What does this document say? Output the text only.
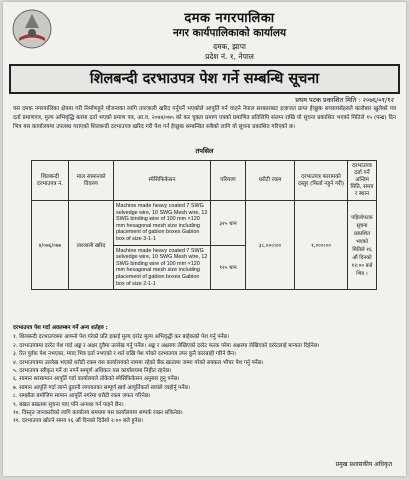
दमक नगरपालिका
नगर कार्यपालिकाको कार्यालय
दमक, झापा
प्रदेश नं. १, नेपाल
शिलबन्दी दरभाउपत्र पेश गर्ने सम्बन्धि सूचना
प्रथम पटक प्रकाशित मिति : २०७६/०१/१२
यस दमक नगरपालिका क्षेत्रमा गरी निर्माणहुने योजनाका लागि तारजाली खरिद गर्नुपर्ने भएकोले आपूर्ति गर्न चाहने नेपाल सरकारबाट इजाजत प्राप्त ईच्छुक सप्लायर्सहरुले कारोबार खुलेको पत्र दर्ता प्रमाणपत्र, मुल्य अभिवृद्धि करमा दर्ता भएको प्रमाण पत्र, आ.व. २०७४/०७५ को कर चुक्ता प्रमाण पत्रको प्रमाणित प्रतिलिपि संलग्न राखि यो सूचना प्रकाशित भएको मितिले १५ (पन्ध्र) दिन भित्र यस कार्यालयमा उपलब्ध गराएको शिलबन्दी दरभाउपत्र खरिद गरी पेश गर्न ईच्छुक सम्बन्धित सबैको लागि यो सूचना प्रकाशित गरिएको छ।
तपसिल
शिलबन्दी दरभाउपत्र नं.	माल सामानको विवरण	स्पेसिफिकेसन	परिमाण	धरौटी रकम	दरभाउपत्र फारामको दस्तुर (फिर्ता नहुने गरी)	दरभाउपत्र दर्ता गर्ने अन्तिम मिति, समय र स्थान
४/०७६/०७७	तारजाली खरिद	Machine made heavy coated 7 SWG selvedge wire, 10 SWG Mesh wire, 12 SWG binding wire of 100 mm ×120 mm hexagonal mesh size including placement of gabion boxes Gabion box of size 3-1-1	३२५ थान	३८,०००।००	१,०००।००	पहिलोपटक सूचना प्रकाशित भएको मितिले १६ औं दिनको १२:०० बजे भित्र ।
		Machine made heavy coated 7 SWG selvedge wire, 10 SWG Mesh wire, 12 SWG binding wire of 100 mm ×120 mm hexagonal mesh size including placement of gabion boxes Gabion box of size 2-1-1	१२५ थान			
दरभाउपत्र पेश गर्दा अवलम्बन गर्ने अन्य शर्तहरु :

१. शिलबन्दी दरभाउपत्रमा आफ्नो पेश गरेको प्रति इकाई मुल्य दररेट मुल्य अभिवृद्धी कर बाहेकको पेश गर्नु पर्नेछ।

२. दरभाउपत्रमा दररेट पेश गर्दा अङ्क र अक्षर दुवैमा उल्लेख गर्नु पर्नेछ। अङ्क र अक्षरमा लेखिएको दररेट फरक परेमा अक्षरमा लेखिएको दररेटलाई मान्यता दिईनेछ।

३. रित पुर्वक पेश नभएका, म्याद भित्र दर्ता नभएको र शर्त राखि पेश गरेको दरभाउपत्र उपर कुनै कारबाही गरिने छैन।

४. दरभाउपत्रमा उल्लेख भएको धरौटी रकम यस कार्यालयको नाममा रहेको बैंक खातामा जम्मा गरेको सक्कल भौचर पेश गर्नु पर्नेछ।

५. दरभाउपत्र स्वीकृत गर्ने वा नगर्ने सम्पूर्ण अधिकार यस कार्यालयमा निहीत रहनेछ।

६. सामान सरसामान आपूर्ति गर्दा कार्यालयले तोकेको स्पेसिफिकेसन अनुसार हुनु पर्नेछ।

७. सामान आपूर्ति गर्दा लाग्ने ढुवानी लगायतका सम्पूर्ण खर्च आपूर्तिकर्ता स्वयंले व्यहोर्नु पर्नेछ।

८. सम्झौता बमोजिम सामान आपूर्ति नगरेमा धरौटी रकम जफत गरिनेछ।

९. बखत बखतमा सूचना पाए पनि अन्यथा गर्न पाइने छैन।

१०. विस्तृत जानकारीको लागि कार्यालय समयमा यस कार्यालयमा सम्पर्क राख्न सकिनेछ।

११. दरभाउपत्र खोल्ने समय १६ औं दिनको दिउँसो २:०० बजे हुनेछ।

प्रमुख प्रशासकीय अधिकृत
